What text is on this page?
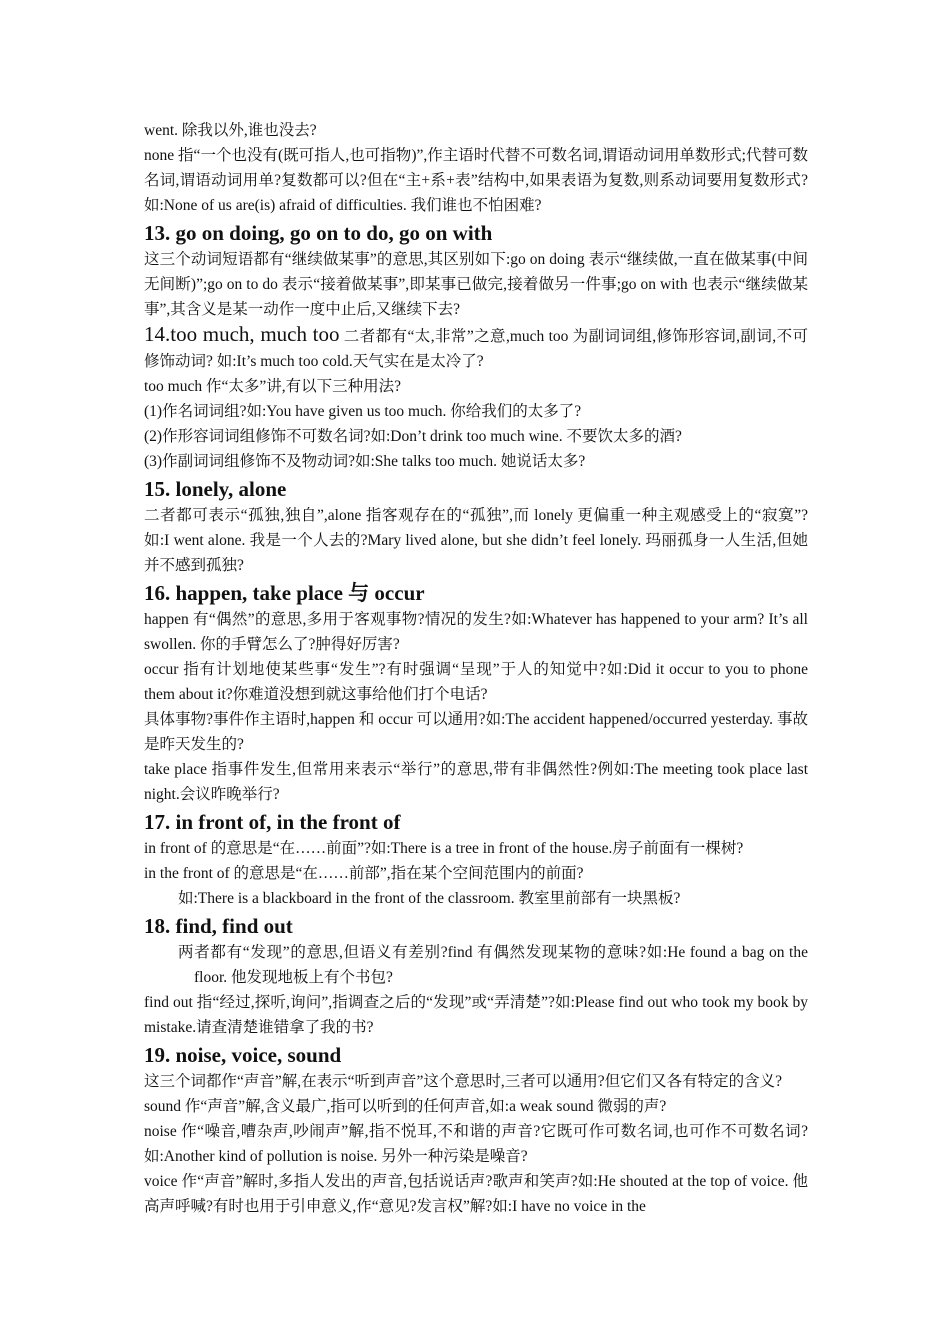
went. 除我以外,谁也没去?

none 指“一个也没有(既可指人,也可指物)”,作主语时代替不可数名词,谓语动词用单数形式;代替可数名词,谓语动词用单?复数都可以?但在“主+系+表”结构中,如果表语为复数,则系动词要用复数形式?如:None of us are(is) afraid of difficulties. 我们谁也不怕困难?

13. go on doing, go on to do, go on with

这三个动词短语都有“继续做某事”的意思,其区别如下:go on doing 表示“继续做,一直在做某事(中间无间断)”;go on to do 表示“接着做某事”,即某事已做完,接着做另一件事;go on with 也表示“继续做某事”,其含义是某一动作一度中止后,又继续下去?

14.too much, much too 二者都有“太,非常”之意,much too 为副词词组,修饰形容词,副词,不可修饰动词? 如:It’s much too cold.天气实在是太冷了?

too much 作“太多”讲,有以下三种用法?

(1)作名词词组?如:You have given us too much. 你给我们的太多了?

(2)作形容词词组修饰不可数名词?如:Don’t drink too much wine. 不要饮太多的酒?

(3)作副词词组修饰不及物动词?如:She talks too much. 她说话太多?

15. lonely, alone

二者都可表示“孤独,独自”,alone 指客观存在的“孤独”,而 lonely 更偏重一种主观感受上的“寂寞”?如:I went alone. 我是一个人去的?Mary lived alone, but she didn’t feel lonely. 玛丽孤身一人生活,但她并不感到孤独?

16. happen, take place 与 occur

happen 有“偶然”的意思,多用于客观事物?情况的发生?如:Whatever has happened to your arm? It’s all swollen. 你的手臂怎么了?肿得好厉害?

occur 指有计划地使某些事“发生”?有时强调“呈现”于人的知觉中?如:Did it occur to you to phone them about it?你难道没想到就这事给他们打个电话?

具体事物?事件作主语时,happen 和 occur 可以通用?如:The accident happened/occurred yesterday. 事故是昨天发生的?

take place 指事件发生,但常用来表示“举行”的意思,带有非偶然性?例如:The meeting took place last night.会议昨晚举行?

17. in front of, in the front of

in front of 的意思是“在……前面”?如:There is a tree in front of the house.房子前面有一棵树?

in the front of 的意思是“在……前部”,指在某个空间范围内的前面?

如:There is a blackboard in the front of the classroom. 教室里前部有一块黑板?

18. find, find out

两者都有“发现”的意思,但语义有差别?find 有偶然发现某物的意味?如:He found a bag on the floor. 他发现地板上有个书包?

find out 指“经过,探听,询问”,指调查之后的“发现”或“弄清楚”?如:Please find out who took my book by mistake.请查清楚谁错拿了我的书?

19. noise, voice, sound

这三个词都作“声音”解,在表示“听到声音”这个意思时,三者可以通用?但它们又各有特定的含义?

sound 作“声音”解,含义最广,指可以听到的任何声音,如:a weak sound 微弱的声?

noise 作“噪音,嘈杂声,吵闹声”解,指不悦耳,不和谐的声音?它既可作可数名词,也可作不可数名词?如:Another kind of pollution is noise. 另外一种污染是噪音?

voice 作“声音”解时,多指人发出的声音,包括说话声?歌声和笑声?如:He shouted at the top of voice. 他高声呼喊?有时也用于引申意义,作“意见?发言权”解?如:I have no voice in the
